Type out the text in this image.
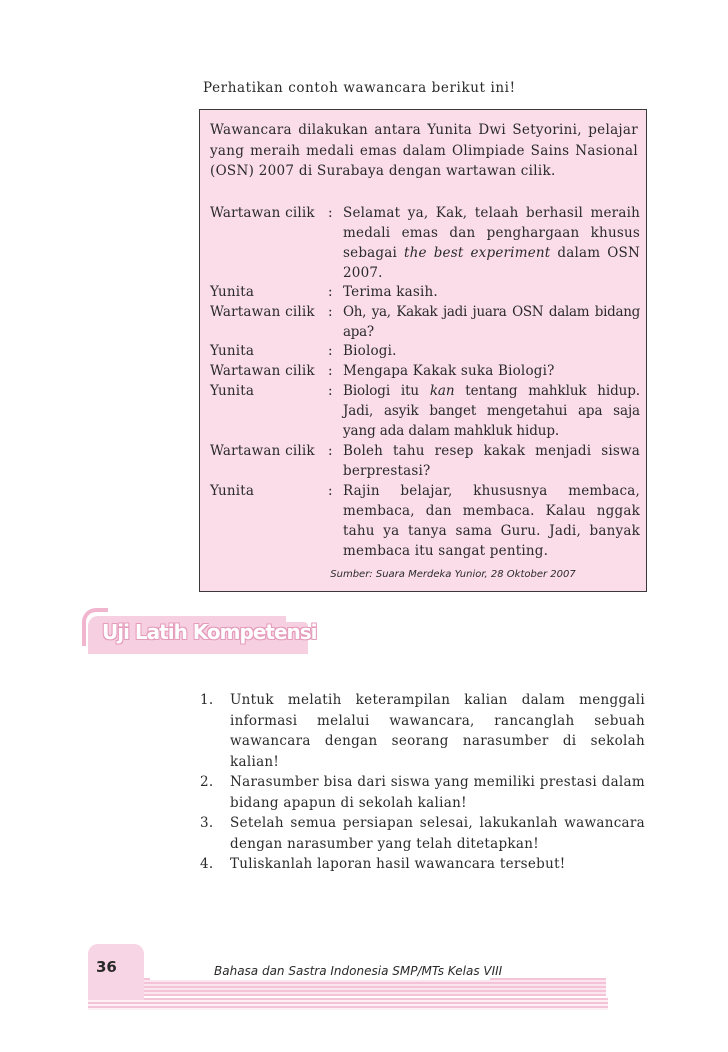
Perhatikan contoh wawancara berikut ini!
Wawancara dilakukan antara Yunita Dwi Setyorini, pelajar yang meraih medali emas dalam Olimpiade Sains Nasional (OSN) 2007 di Surabaya dengan wartawan cilik.
Wartawan cilik : Selamat ya, Kak, telaah berhasil meraih medali emas dan penghargaan khusus sebagai the best experiment dalam OSN 2007.
Yunita	: Terima kasih.
Wartawan cilik : Oh, ya, Kakak jadi juara OSN dalam bidang apa?
Yunita	: Biologi.
Wartawan cilik : Mengapa Kakak suka Biologi?
Yunita	: Biologi itu kan tentang mahkluk hidup. Jadi, asyik banget mengetahui apa saja yang ada dalam mahkluk hidup.
Wartawan cilik : Boleh tahu resep kakak menjadi siswa berprestasi?
Yunita	: Rajin belajar, khususnya membaca, membaca, dan membaca. Kalau nggak tahu ya tanya sama Guru. Jadi, banyak membaca itu sangat penting.
Sumber: Suara Merdeka Yunior, 28 Oktober 2007
Uji Latih Kompetensi
1. Untuk melatih keterampilan kalian dalam menggali informasi melalui wawancara, rancanglah sebuah wawancara dengan seorang narasumber di sekolah kalian!
2. Narasumber bisa dari siswa yang memiliki prestasi dalam bidang apapun di sekolah kalian!
3. Setelah semua persiapan selesai, lakukanlah wawancara dengan narasumber yang telah ditetapkan!
4. Tuliskanlah laporan hasil wawancara tersebut!
36	Bahasa dan Sastra Indonesia SMP/MTs Kelas VIII
